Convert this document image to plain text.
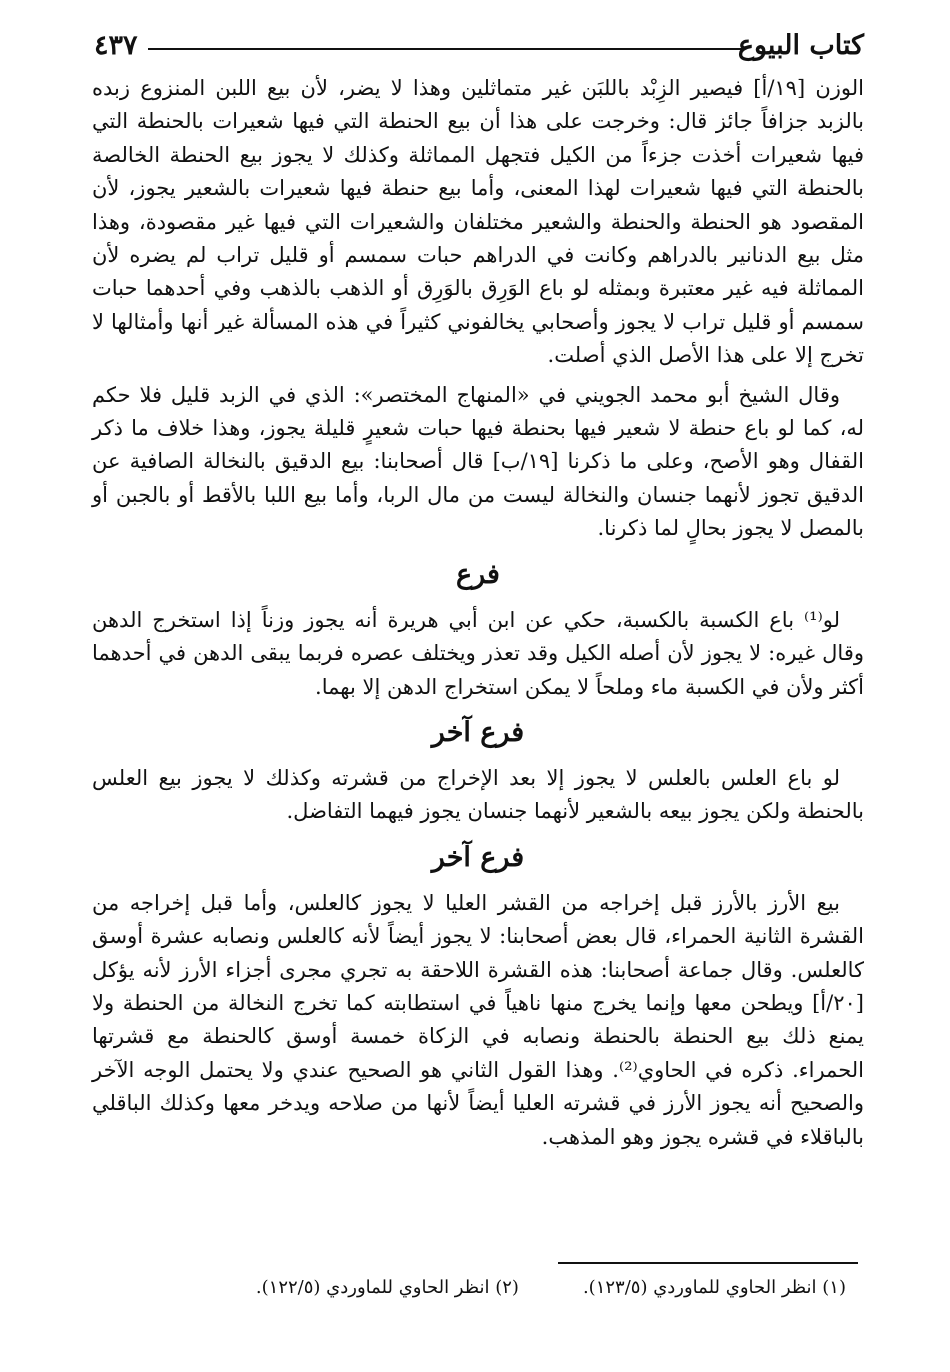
كتاب البيوع
٤٣٧

الوزن [١٩/أ] فيصير الزِبْد باللبَن غير متماثلين وهذا لا يضر، لأن بيع اللبن المنزوع زبده بالزبد جزافاً جائز قال: وخرجت على هذا أن بيع الحنطة التي فيها شعيرات بالحنطة التي فيها شعيرات أخذت جزءاً من الكيل فتجهل المماثلة وكذلك لا يجوز بيع الحنطة الخالصة بالحنطة التي فيها شعيرات لهذا المعنى، وأما بيع حنطة فيها شعيرات بالشعير يجوز، لأن المقصود هو الحنطة والحنطة والشعير مختلفان والشعيرات التي فيها غير مقصودة، وهذا مثل بيع الدنانير بالدراهم وكانت في الدراهم حبات سمسم أو قليل تراب لم يضره لأن المماثلة فيه غير معتبرة وبمثله لو باع الوَرِق بالوَرِق أو الذهب بالذهب وفي أحدهما حبات سمسم أو قليل تراب لا يجوز وأصحابي يخالفوني كثيراً في هذه المسألة غير أنها وأمثالها لا تخرج إلا على هذا الأصل الذي أصلت.

وقال الشيخ أبو محمد الجويني في «المنهاج المختصر»: الذي في الزبد قليل فلا حكم له، كما لو باع حنطة لا شعير فيها بحنطة فيها حبات شعيرٍ قليلة يجوز، وهذا خلاف ما ذكر القفال وهو الأصح، وعلى ما ذكرنا [١٩/ب] قال أصحابنا: بيع الدقيق بالنخالة الصافية عن الدقيق تجوز لأنهما جنسان والنخالة ليست من مال الربا، وأما بيع اللبا بالأقط أو بالجبن أو بالمصل لا يجوز بحالٍ لما ذكرنا.

فرع

لو⁽¹⁾ باع الكسبة بالكسبة، حكي عن ابن أبي هريرة أنه يجوز وزناً إذا استخرج الدهن وقال غيره: لا يجوز لأن أصله الكيل وقد تعذر ويختلف عصره فربما يبقى الدهن في أحدهما أكثر ولأن في الكسبة ماء وملحاً لا يمكن استخراج الدهن إلا بهما.

فرع آخر

لو باع العلس بالعلس لا يجوز إلا بعد الإخراج من قشرته وكذلك لا يجوز بيع العلس بالحنطة ولكن يجوز بيعه بالشعير لأنهما جنسان يجوز فيهما التفاضل.

فرع آخر

بيع الأرز بالأرز قبل إخراجه من القشر العليا لا يجوز كالعلس، وأما قبل إخراجه من القشرة الثانية الحمراء، قال بعض أصحابنا: لا يجوز أيضاً لأنه كالعلس ونصابه عشرة أوسق كالعلس. وقال جماعة أصحابنا: هذه القشرة اللاحقة به تجري مجرى أجزاء الأرز لأنه يؤكل [٢٠/أ] ويطحن معها وإنما يخرج منها ناهياً في استطابته كما تخرج النخالة من الحنطة ولا يمنع ذلك بيع الحنطة بالحنطة ونصابه في الزكاة خمسة أوسق كالحنطة مع قشرتها الحمراء. ذكره في الحاوي⁽²⁾. وهذا القول الثاني هو الصحيح عندي ولا يحتمل الوجه الآخر والصحيح أنه يجوز الأرز في قشرته العليا أيضاً لأنها من صلاحه ويدخر معها وكذلك الباقلي بالباقلاء في قشره يجوز وهو المذهب.

(١) انظر الحاوي للماوردي (١٢٣/٥).
(٢) انظر الحاوي للماوردي (١٢٢/٥).
